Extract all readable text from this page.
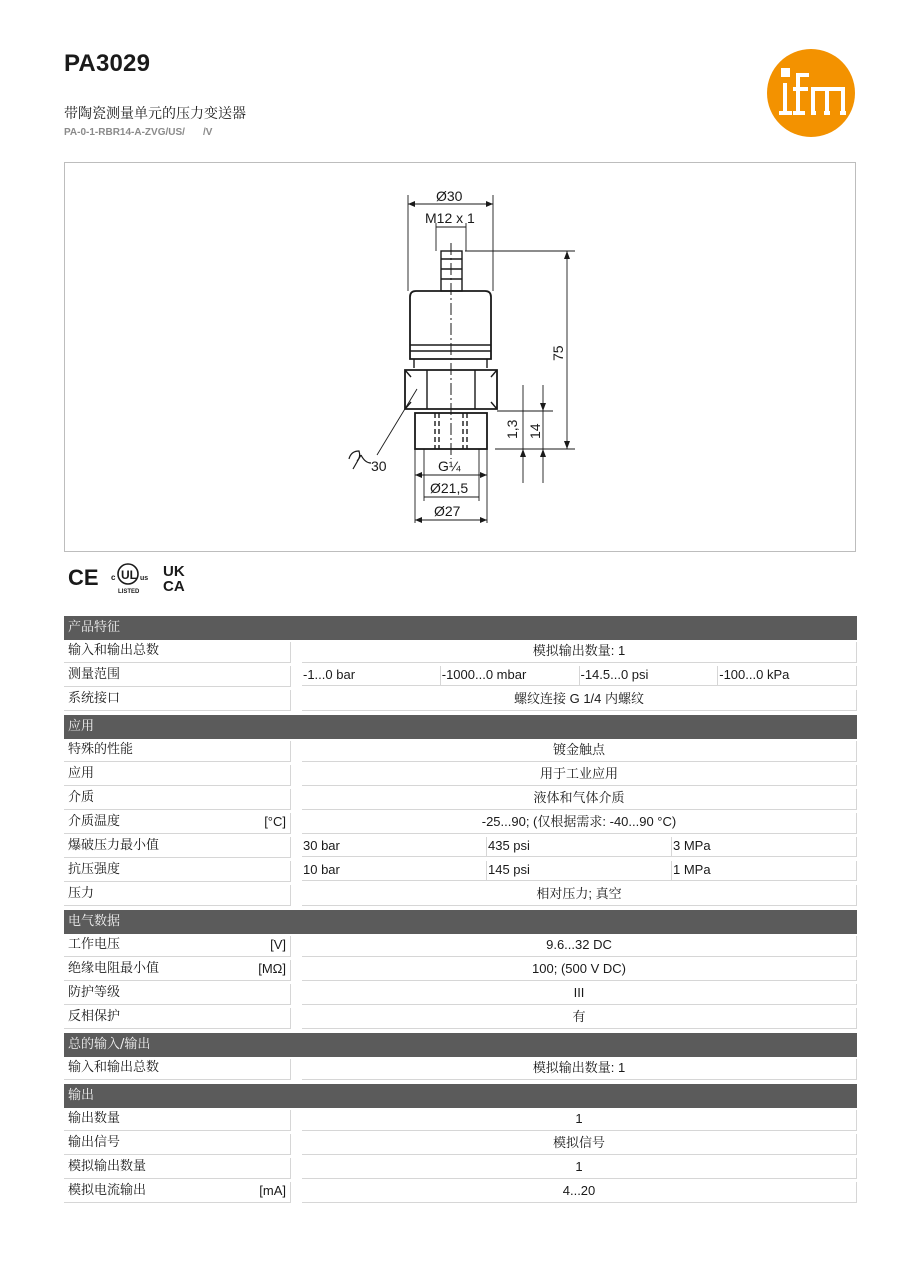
PA3029
带陶瓷测量单元的压力变送器
PA-0-1-RBR14-A-ZVG/US/ /V
Ø30
M12 x 1
75
1,3 14
30	G¼
Ø21,5
Ø27
CE UL
c	us
LISTED
UK
CA
产品特征
输入和输出总数	模拟输出数量: 1
测量范围	-1...0 bar	-1000...0 mbar	-14.5...0 psi	-100...0 kPa
系统接口	螺纹连接 G 1/4 内螺纹
应用
特殊的性能	镀金触点
应用	用于工业应用
介质	液体和气体介质
介质温度	[°C]	-25...90; (仅根据需求: -40...90 °C)
爆破压力最小值	30 bar	435 psi	3 MPa
抗压强度	10 bar	145 psi	1 MPa
压力	相对压力; 真空
电气数据
工作电压	[V]	9.6...32 DC
绝缘电阻最小值	[MΩ]	100; (500 V DC)
防护等级	III
反相保护	有
总的输入/输出
输入和输出总数	模拟输出数量: 1
输出
输出数量	1
输出信号	模拟信号
模拟输出数量	1
模拟电流输出	[mA]	4...20
